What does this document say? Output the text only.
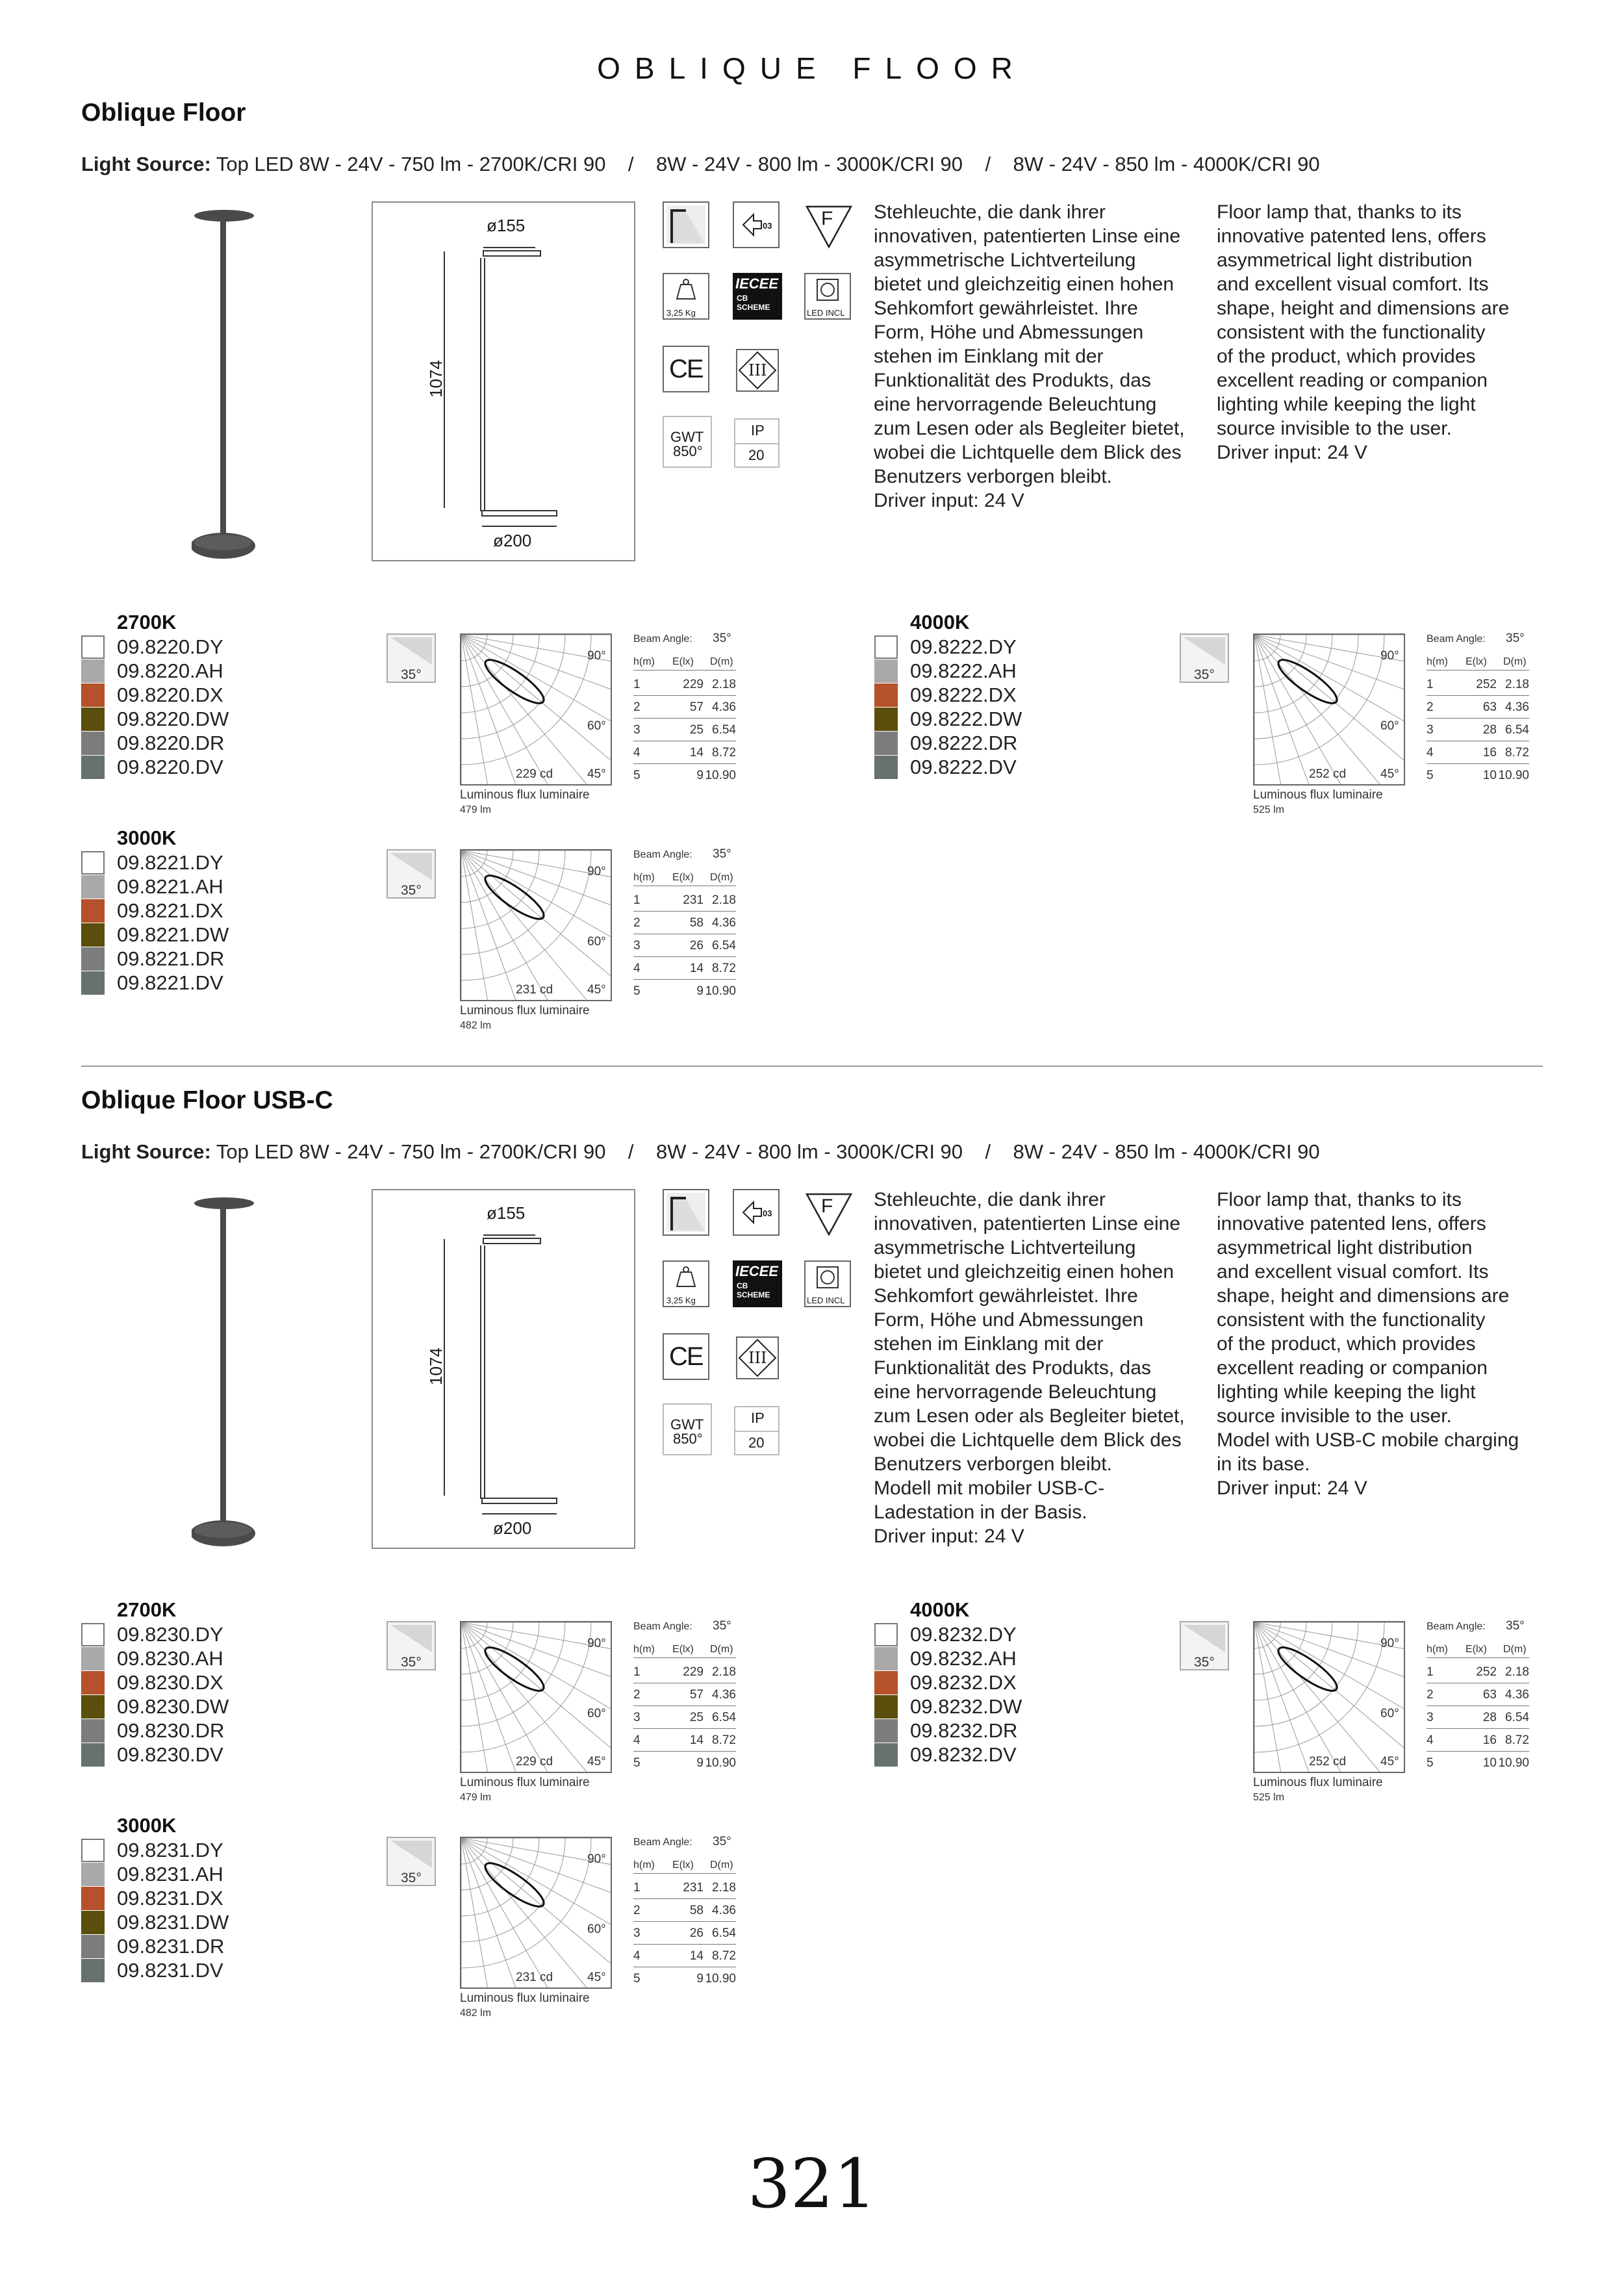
OBLIQUE FLOOR
Oblique Floor
Light Source: Top LED 8W - 24V - 750 lm - 2700K/CRI 90    /    8W - 24V - 800 lm - 3000K/CRI 90    /    8W - 24V - 850 lm - 4000K/CRI 90
ø155
1074
ø200
03	F
3,25 Kg
IECEE
CB
SCHEME
LED INCL
CE	III
GWT
850°
IP
20
Stehleuchte, die dank ihrer
innovativen, patentierten Linse eine
asymmetrische Lichtverteilung
bietet und gleichzeitig einen hohen
Sehkomfort gewährleistet. Ihre
Form, Höhe und Abmessungen
stehen im Einklang mit der
Funktionalität des Produkts, das
eine hervorragende Beleuchtung
zum Lesen oder als Begleiter bietet,
wobei die Lichtquelle dem Blick des
Benutzers verborgen bleibt.
Driver input: 24 V
Floor lamp that, thanks to its
innovative patented lens, offers
asymmetrical light distribution
and excellent visual comfort. Its
shape, height and dimensions are
consistent with the functionality
of the product, which provides
excellent reading or companion
lighting while keeping the light
source invisible to the user.
Driver input: 24 V
2700K
09.8220.DY
09.8220.AH
09.8220.DX
09.8220.DW
09.8220.DR
09.8220.DV
35°
90°
60°
45°
229 cd
Luminous flux luminaire
479 lm
Beam Angle: 35°
h(m) E(lx) D(m)
1	229 2.18
2	57 4.36
3	25 6.54
4	14 8.72
5	9 10.90
4000K
09.8222.DY
09.8222.AH
09.8222.DX
09.8222.DW
09.8222.DR
09.8222.DV
35°
90°
60°
45°
252 cd
Luminous flux luminaire
525 lm
Beam Angle: 35°
h(m) E(lx) D(m)
1	252 2.18
2	63 4.36
3	28 6.54
4	16 8.72
5	10 10.90
3000K
09.8221.DY
09.8221.AH
09.8221.DX
09.8221.DW
09.8221.DR
09.8221.DV
35°
90°
60°
45°
231 cd
Luminous flux luminaire
482 lm
Beam Angle: 35°
h(m) E(lx) D(m)
1	231 2.18
2	58 4.36
3	26 6.54
4	14 8.72
5	9 10.90
Oblique Floor USB-C
Light Source: Top LED 8W - 24V - 750 lm - 2700K/CRI 90    /    8W - 24V - 800 lm - 3000K/CRI 90    /    8W - 24V - 850 lm - 4000K/CRI 90
ø155
1074
ø200
03	F
3,25 Kg
IECEE
CB
SCHEME
LED INCL
CE	III
GWT
850°
IP
20
Stehleuchte, die dank ihrer
innovativen, patentierten Linse eine
asymmetrische Lichtverteilung
bietet und gleichzeitig einen hohen
Sehkomfort gewährleistet. Ihre
Form, Höhe und Abmessungen
stehen im Einklang mit der
Funktionalität des Produkts, das
eine hervorragende Beleuchtung
zum Lesen oder als Begleiter bietet,
wobei die Lichtquelle dem Blick des
Benutzers verborgen bleibt.
Modell mit mobiler USB-C-
Ladestation in der Basis.
Driver input: 24 V
Floor lamp that, thanks to its
innovative patented lens, offers
asymmetrical light distribution
and excellent visual comfort. Its
shape, height and dimensions are
consistent with the functionality
of the product, which provides
excellent reading or companion
lighting while keeping the light
source invisible to the user.
Model with USB-C mobile charging
in its base.
Driver input: 24 V
2700K
09.8230.DY
09.8230.AH
09.8230.DX
09.8230.DW
09.8230.DR
09.8230.DV
35°
90°
60°
45°
229 cd
Luminous flux luminaire
479 lm
Beam Angle: 35°
h(m) E(lx) D(m)
1	229 2.18
2	57 4.36
3	25 6.54
4	14 8.72
5	9 10.90
4000K
09.8232.DY
09.8232.AH
09.8232.DX
09.8232.DW
09.8232.DR
09.8232.DV
35°
90°
60°
45°
252 cd
Luminous flux luminaire
525 lm
Beam Angle: 35°
h(m) E(lx) D(m)
1	252 2.18
2	63 4.36
3	28 6.54
4	16 8.72
5	10 10.90
3000K
09.8231.DY
09.8231.AH
09.8231.DX
09.8231.DW
09.8231.DR
09.8231.DV
35°
90°
60°
45°
231 cd
Luminous flux luminaire
482 lm
Beam Angle: 35°
h(m) E(lx) D(m)
1	231 2.18
2	58 4.36
3	26 6.54
4	14 8.72
5	9 10.90
321
